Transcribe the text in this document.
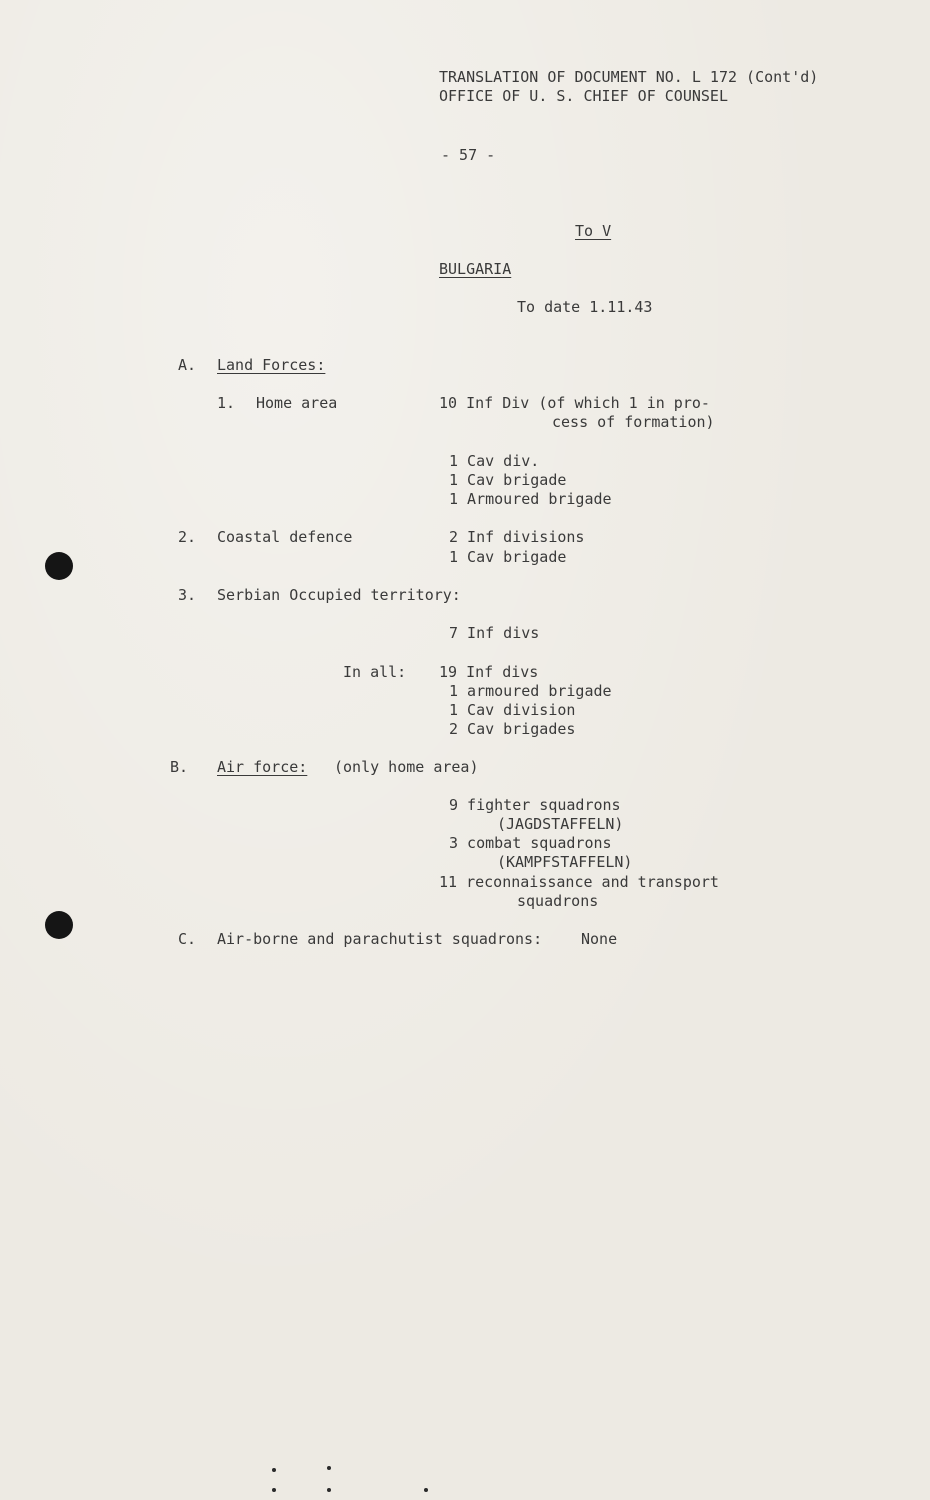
TRANSLATION OF DOCUMENT NO. L 172 (Cont'd)
OFFICE OF U. S. CHIEF OF COUNSEL
- 57 -
To V
BULGARIA
To date 1.11.43
A. Land Forces:
1. Home area	10 Inf Div (of which 1 in pro-
cess of formation)
1 Cav div.
1 Cav brigade
1 Armoured brigade
2. Coastal defence	2 Inf divisions
1 Cav brigade
3. Serbian Occupied territory:
7 Inf divs
In all: 19 Inf divs
1 armoured brigade
1 Cav division
2 Cav brigades
B. Air force: (only home area)
9 fighter squadrons
(JAGDSTAFFELN)
3 combat squadrons
(KAMPFSTAFFELN)
11 reconnaissance and transport
squadrons
C. Air-borne and parachutist squadrons:	None
